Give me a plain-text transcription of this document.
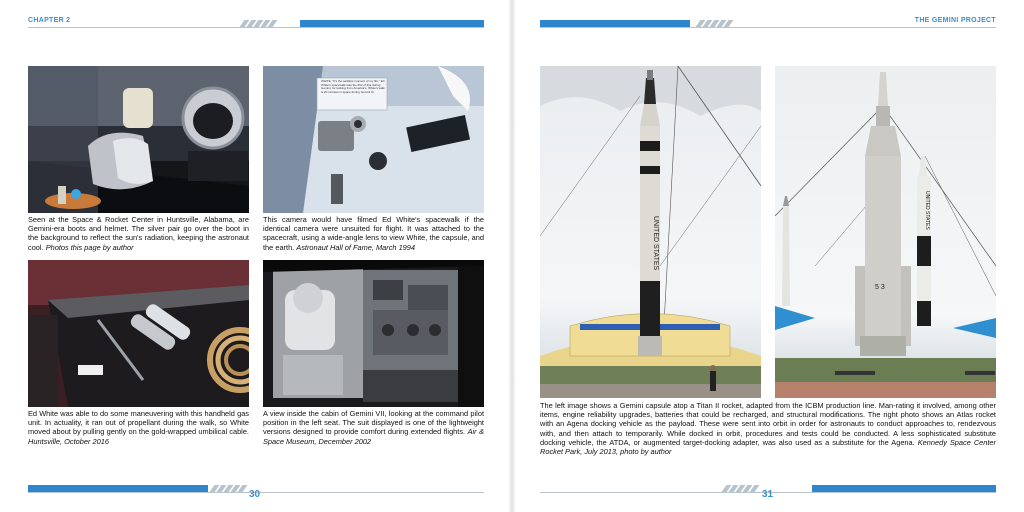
CHAPTER 2
Seen at the Space & Rocket Center in Huntsville, Alabama, are Gemini-era boots and helmet. The silver pair go over the boot in the background to reflect the sun's radiation, keeping the astronaut cool. Photos this page by author
WHITE: "It's the saddest moment of my life." Ed White's spacewalk was the first of this during Gemini, for lacking from America's. White's walk is 20 minutes in space during Gemini IV.
This camera would have filmed Ed White's spacewalk if the identical camera were unsuited for flight. It was attached to the spacecraft, using a wide-angle lens to view White, the capsule, and the earth. Astronaut Hall of Fame, March 1994
Ed White was able to do some maneuvering with this handheld gas unit. In actuality, it ran out of propellant during the walk, so White moved about by pulling gently on the gold-wrapped umbilical cable. Huntsville, October 2016
A view inside the cabin of Gemini VII, looking at the command pilot position in the left seat. The suit displayed is one of the lightweight versions designed to provide comfort during extended flights. Air & Space Museum, December 2002
30
THE GEMINI PROJECT
UNITED STATES
5 3
UNITED STATES
The left image shows a Gemini capsule atop a Titan II rocket, adapted from the ICBM production line. Man-rating it involved, among other items, engine reliability upgrades, batteries that could be recharged, and structural modifications. The right photo shows an Atlas rocket with an Agena docking vehicle as the payload. These were sent into orbit in order for astronauts to conduct approaches to, rendezvous with, and then attach to temporarily. While docked in orbit, procedures and tests could be conducted. A less sophisticated substitute docking vehicle, the ATDA, or augmented target-docking adapter, was also used as a substitute for the Agena. Kennedy Space Center Rocket Park, July 2013, photo by author
31
